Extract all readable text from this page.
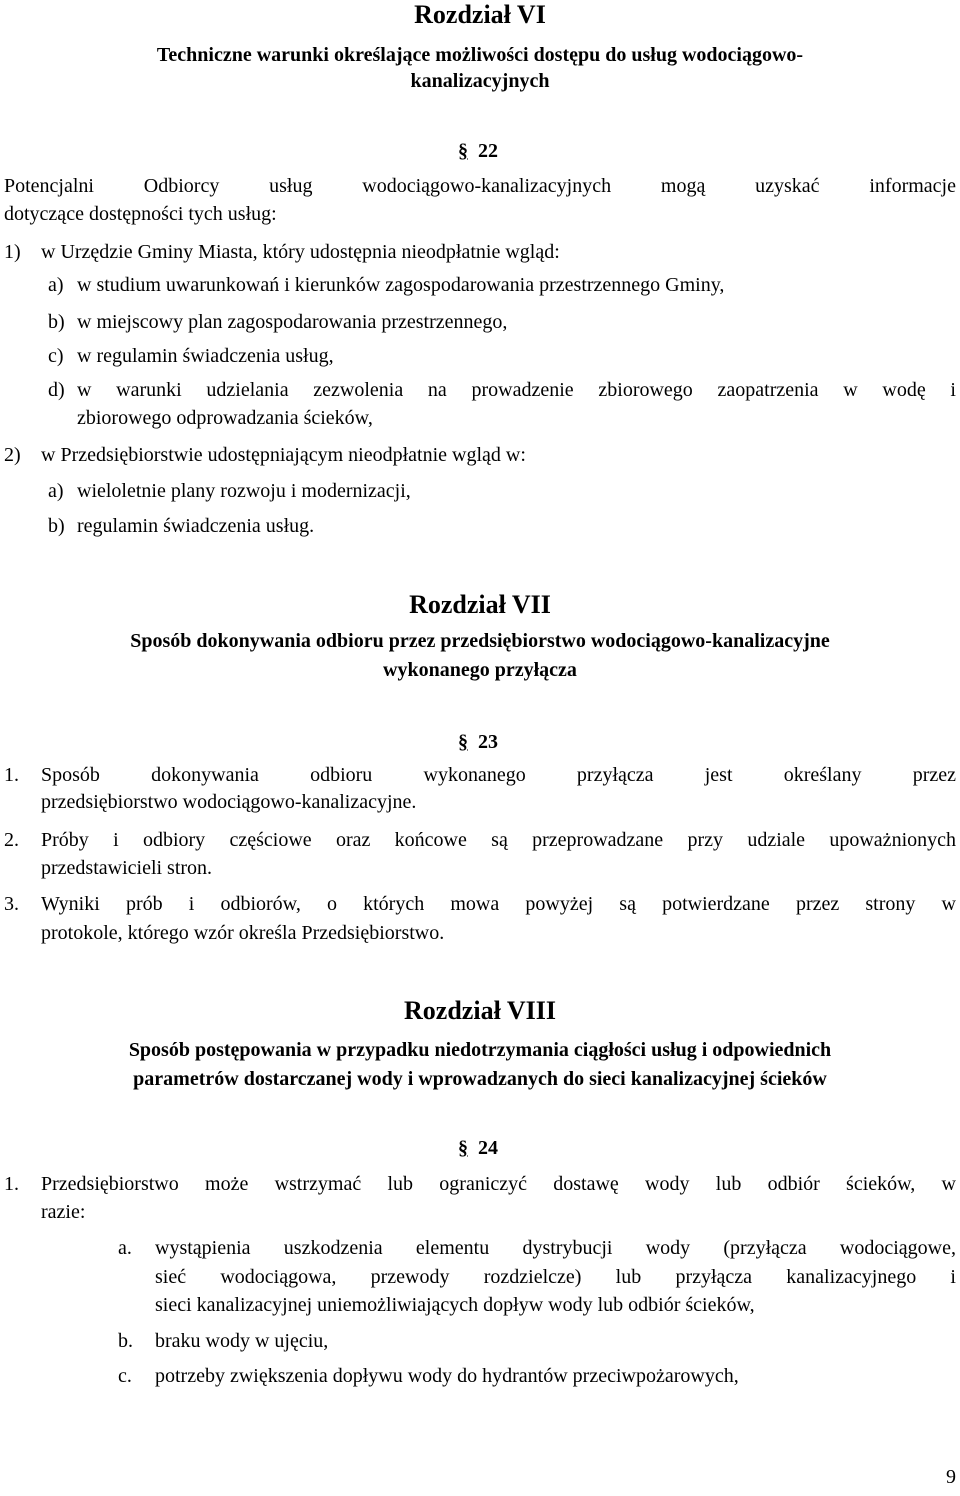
Rozdział VI
Techniczne warunki określające możliwości dostępu do usług wodociągowo-
kanalizacyjnych
§ 22
Potencjalni Odbiorcy usług wodociągowo-kanalizacyjnych mogą uzyskać informacje
dotyczące dostępności tych usług:
1) w Urzędzie Gminy Miasta, który udostępnia nieodpłatnie wgląd:
a) w studium uwarunkowań i kierunków zagospodarowania przestrzennego Gminy,
b) w miejscowy plan zagospodarowania przestrzennego,
c) w regulamin świadczenia usług,
d) w warunki udzielania zezwolenia na prowadzenie zbiorowego zaopatrzenia w wodę i
zbiorowego odprowadzania ścieków,
2) w Przedsiębiorstwie udostępniającym nieodpłatnie wgląd w:
a) wieloletnie plany rozwoju i modernizacji,
b) regulamin świadczenia usług.
Rozdział VII
Sposób dokonywania odbioru przez przedsiębiorstwo wodociągowo-kanalizacyjne
wykonanego przyłącza
§ 23
1. Sposób dokonywania odbioru wykonanego przyłącza jest określany przez
przedsiębiorstwo wodociągowo-kanalizacyjne.
2. Próby i odbiory częściowe oraz końcowe są przeprowadzane przy udziale upoważnionych
przedstawicieli stron.
3. Wyniki prób i odbiorów, o których mowa powyżej są potwierdzane przez strony w
protokole, którego wzór określa Przedsiębiorstwo.
Rozdział VIII
Sposób postępowania w przypadku niedotrzymania ciągłości usług i odpowiednich
parametrów dostarczanej wody i wprowadzanych do sieci kanalizacyjnej ścieków
§ 24
1. Przedsiębiorstwo może wstrzymać lub ograniczyć dostawę wody lub odbiór ścieków, w
razie:
a. wystąpienia uszkodzenia elementu dystrybucji wody (przyłącza wodociągowe,
sieć wodociągowa, przewody rozdzielcze) lub przyłącza kanalizacyjnego i
sieci kanalizacyjnej uniemożliwiających dopływ wody lub odbiór ścieków,
b. braku wody w ujęciu,
c. potrzeby zwiększenia dopływu wody do hydrantów przeciwpożarowych,
9
